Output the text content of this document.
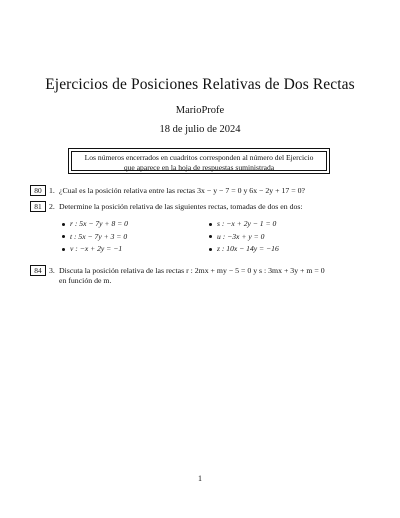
Ejercicios de Posiciones Relativas de Dos Rectas
MarioProfe
18 de julio de 2024
Los números encerrados en cuadritos corresponden al número del Ejercicio
que aparece en la hoja de respuestas suministrada
80 1. ¿Cual es la posición relativa entre las rectas 3x − y − 7 = 0 y 6x − 2y + 17 = 0?
81 2. Determine la posición relativa de las siguientes rectas, tomadas de dos en dos:
r : 5x − 7y + 8 = 0	s : −x + 2y − 1 = 0
t : 5x − 7y + 3 = 0	u : −3x + y = 0
v : −x + 2y = −1	z : 10x − 14y = −16
84 3. Discuta la posición relativa de las rectas r : 2mx + my − 5 = 0 y s : 3mx + 3y + m = 0
en función de m.
1
